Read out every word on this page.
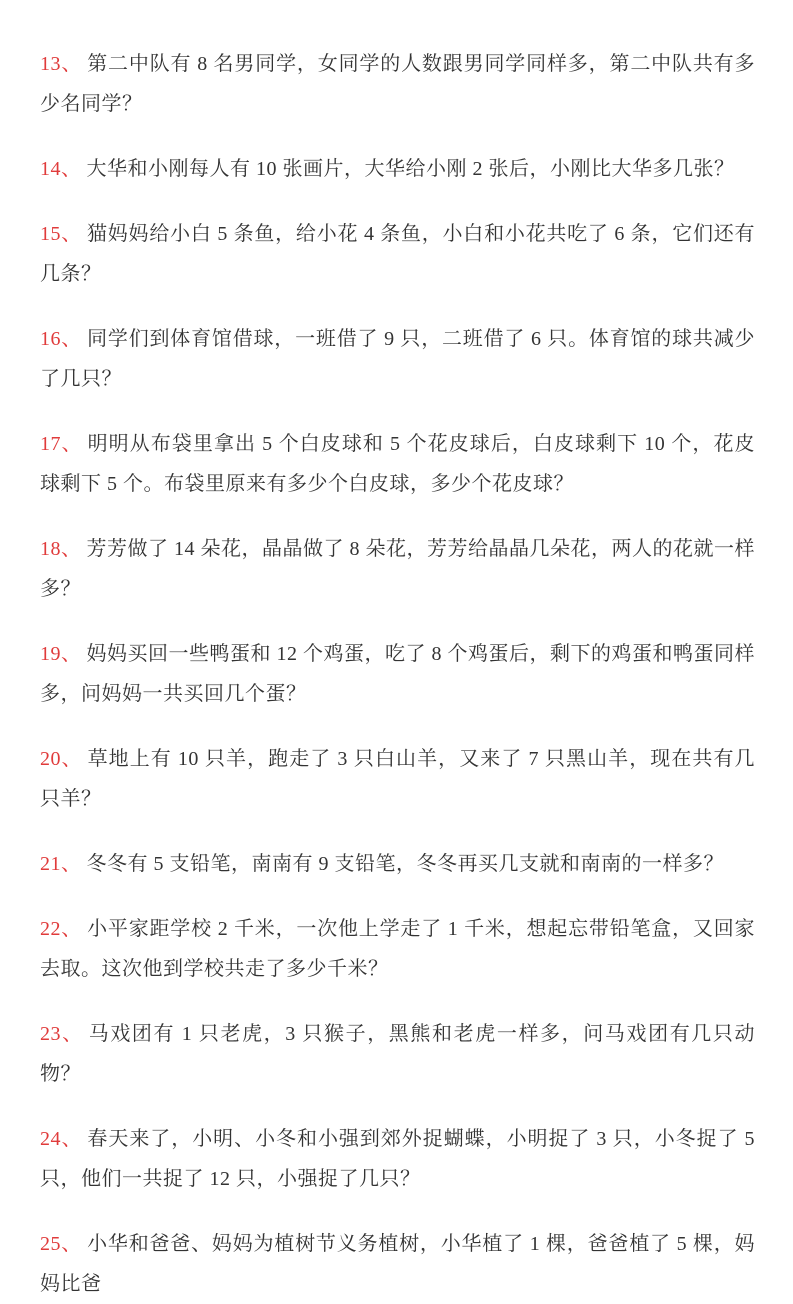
13、 第二中队有 8 名男同学，女同学的人数跟男同学同样多，第二中队共有多少名同学？

14、 大华和小刚每人有 10 张画片，大华给小刚 2 张后，小刚比大华多几张？

15、 猫妈妈给小白 5 条鱼，给小花 4 条鱼，小白和小花共吃了 6 条，它们还有几条？

16、 同学们到体育馆借球，一班借了 9 只，二班借了 6 只。体育馆的球共减少了几只？

17、 明明从布袋里拿出 5 个白皮球和 5 个花皮球后，白皮球剩下 10 个，花皮球剩下 5 个。布袋里原来有多少个白皮球，多少个花皮球？

18、 芳芳做了 14 朵花，晶晶做了 8 朵花，芳芳给晶晶几朵花，两人的花就一样多？

19、 妈妈买回一些鸭蛋和 12 个鸡蛋，吃了 8 个鸡蛋后，剩下的鸡蛋和鸭蛋同样多，问妈妈一共买回几个蛋？

20、 草地上有 10 只羊，跑走了 3 只白山羊，又来了 7 只黑山羊，现在共有几只羊？

21、 冬冬有 5 支铅笔，南南有 9 支铅笔，冬冬再买几支就和南南的一样多？

22、 小平家距学校 2 千米，一次他上学走了 1 千米，想起忘带铅笔盒，又回家去取。这次他到学校共走了多少千米？

23、 马戏团有 1 只老虎，3 只猴子，黑熊和老虎一样多，问马戏团有几只动物？

24、 春天来了，小明、小冬和小强到郊外捉蝴蝶，小明捉了 3 只，小冬捉了 5 只，他们一共捉了 12 只，小强捉了几只？

25、 小华和爸爸、妈妈为植树节义务植树，小华植了 1 棵，爸爸植了 5 棵，妈妈比爸
